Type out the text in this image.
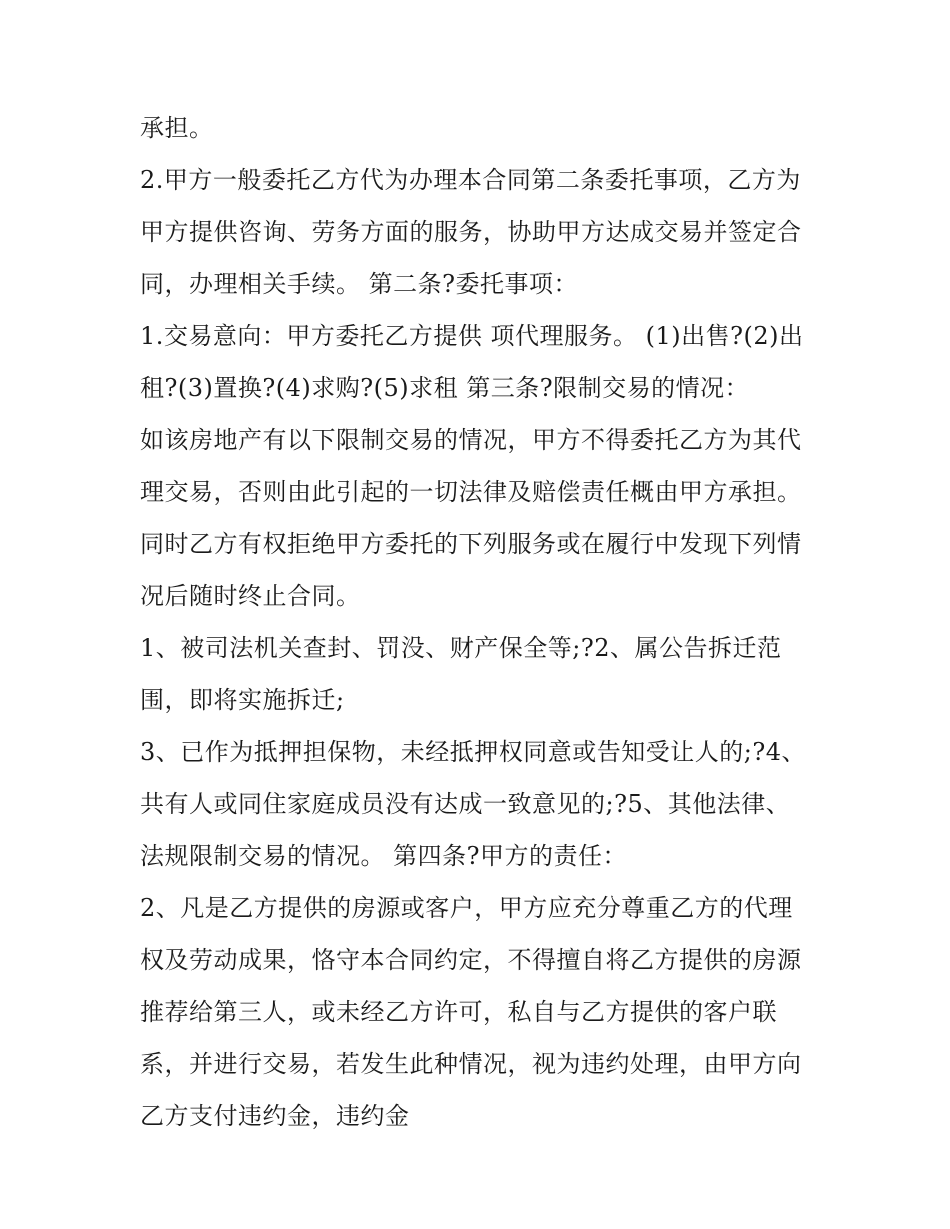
承担。
2.甲方一般委托乙方代为办理本合同第二条委托事项，乙方为
甲方提供咨询、劳务方面的服务，协助甲方达成交易并签定合
同，办理相关手续。 第二条?委托事项：
1.交易意向：甲方委托乙方提供 项代理服务。 (1)出售?(2)出
租?(3)置换?(4)求购?(5)求租 第三条?限制交易的情况：
如该房地产有以下限制交易的情况，甲方不得委托乙方为其代
理交易，否则由此引起的一切法律及赔偿责任概由甲方承担。
同时乙方有权拒绝甲方委托的下列服务或在履行中发现下列情
况后随时终止合同。
1、被司法机关查封、罚没、财产保全等;?2、属公告拆迁范
围，即将实施拆迁;
3、已作为抵押担保物，未经抵押权同意或告知受让人的;?4、
共有人或同住家庭成员没有达成一致意见的;?5、其他法律、
法规限制交易的情况。 第四条?甲方的责任：
2、凡是乙方提供的房源或客户，甲方应充分尊重乙方的代理
权及劳动成果，恪守本合同约定，不得擅自将乙方提供的房源
推荐给第三人，或未经乙方许可，私自与乙方提供的客户联
系，并进行交易，若发生此种情况，视为违约处理，由甲方向
乙方支付违约金，违约金
